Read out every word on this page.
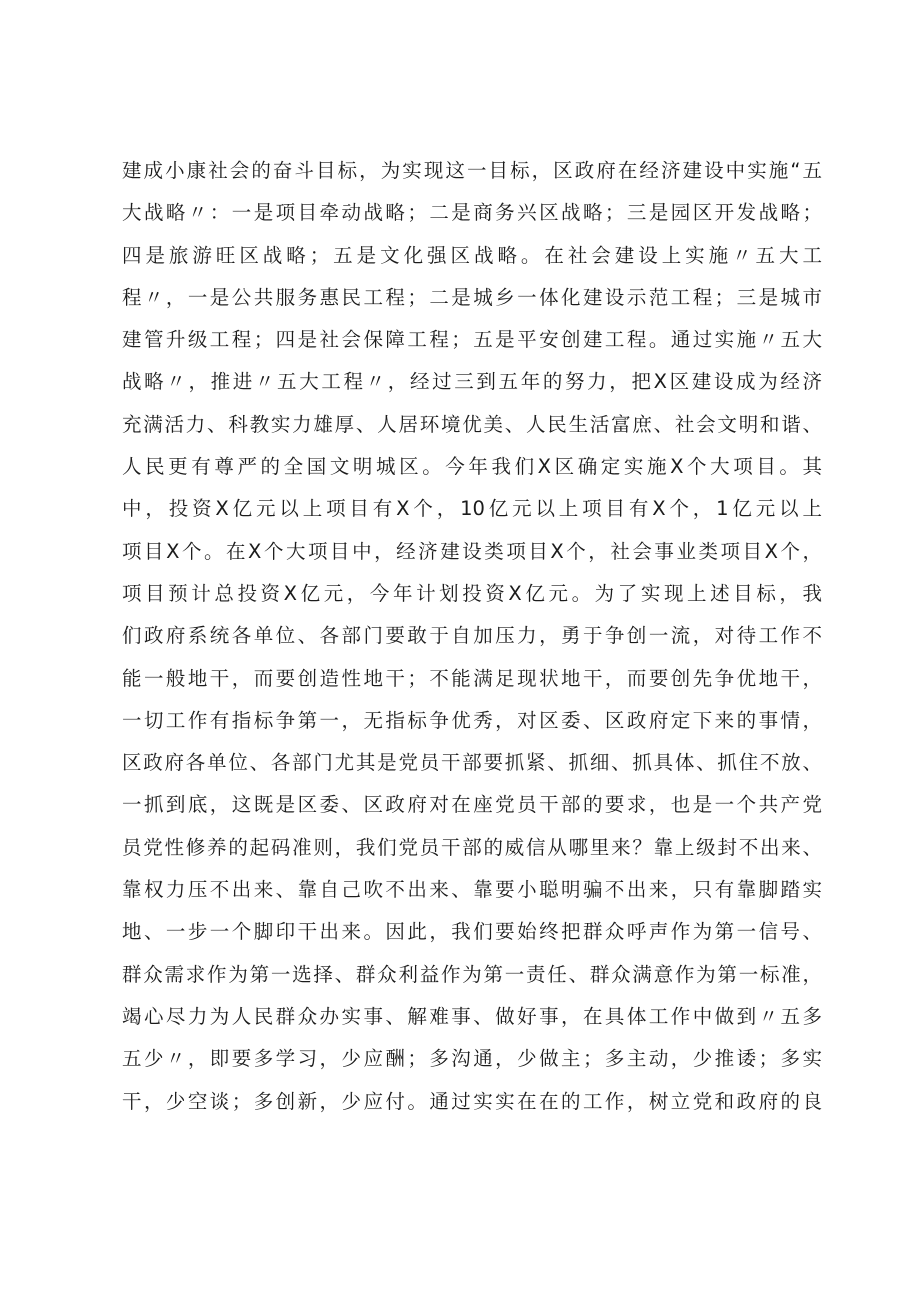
建成小康社会的奋斗目标，为实现这一目标，区政府在经济建设中实施“五
大战略〃：一是项目牵动战略；二是商务兴区战略；三是园区开发战略；
四是旅游旺区战略；五是文化强区战略。在社会建设上实施〃五大工
程〃，一是公共服务惠民工程；二是城乡一体化建设示范工程；三是城市
建管升级工程；四是社会保障工程；五是平安创建工程。通过实施〃五大
战略〃，推进〃五大工程〃，经过三到五年的努力，把X区建设成为经济
充满活力、科教实力雄厚、人居环境优美、人民生活富庶、社会文明和谐、
人民更有尊严的全国文明城区。今年我们X区确定实施X个大项目。其
中，投资X亿元以上项目有X个，10亿元以上项目有X个，1亿元以上
项目X个。在X个大项目中，经济建设类项目X个，社会事业类项目X个，
项目预计总投资X亿元，今年计划投资X亿元。为了实现上述目标，我
们政府系统各单位、各部门要敢于自加压力，勇于争创一流，对待工作不
能一般地干，而要创造性地干；不能满足现状地干，而要创先争优地干，
一切工作有指标争第一，无指标争优秀，对区委、区政府定下来的事情，
区政府各单位、各部门尤其是党员干部要抓紧、抓细、抓具体、抓住不放、
一抓到底，这既是区委、区政府对在座党员干部的要求，也是一个共产党
员党性修养的起码准则，我们党员干部的威信从哪里来？靠上级封不出来、
靠权力压不出来、靠自己吹不出来、靠要小聪明骗不出来，只有靠脚踏实
地、一步一个脚印干出来。因此，我们要始终把群众呼声作为第一信号、
群众需求作为第一选择、群众利益作为第一责任、群众满意作为第一标准，
竭心尽力为人民群众办实事、解难事、做好事，在具体工作中做到〃五多
五少〃，即要多学习，少应酬；多沟通，少做主；多主动，少推诿；多实
干，少空谈；多创新，少应付。通过实实在在的工作，树立党和政府的良
